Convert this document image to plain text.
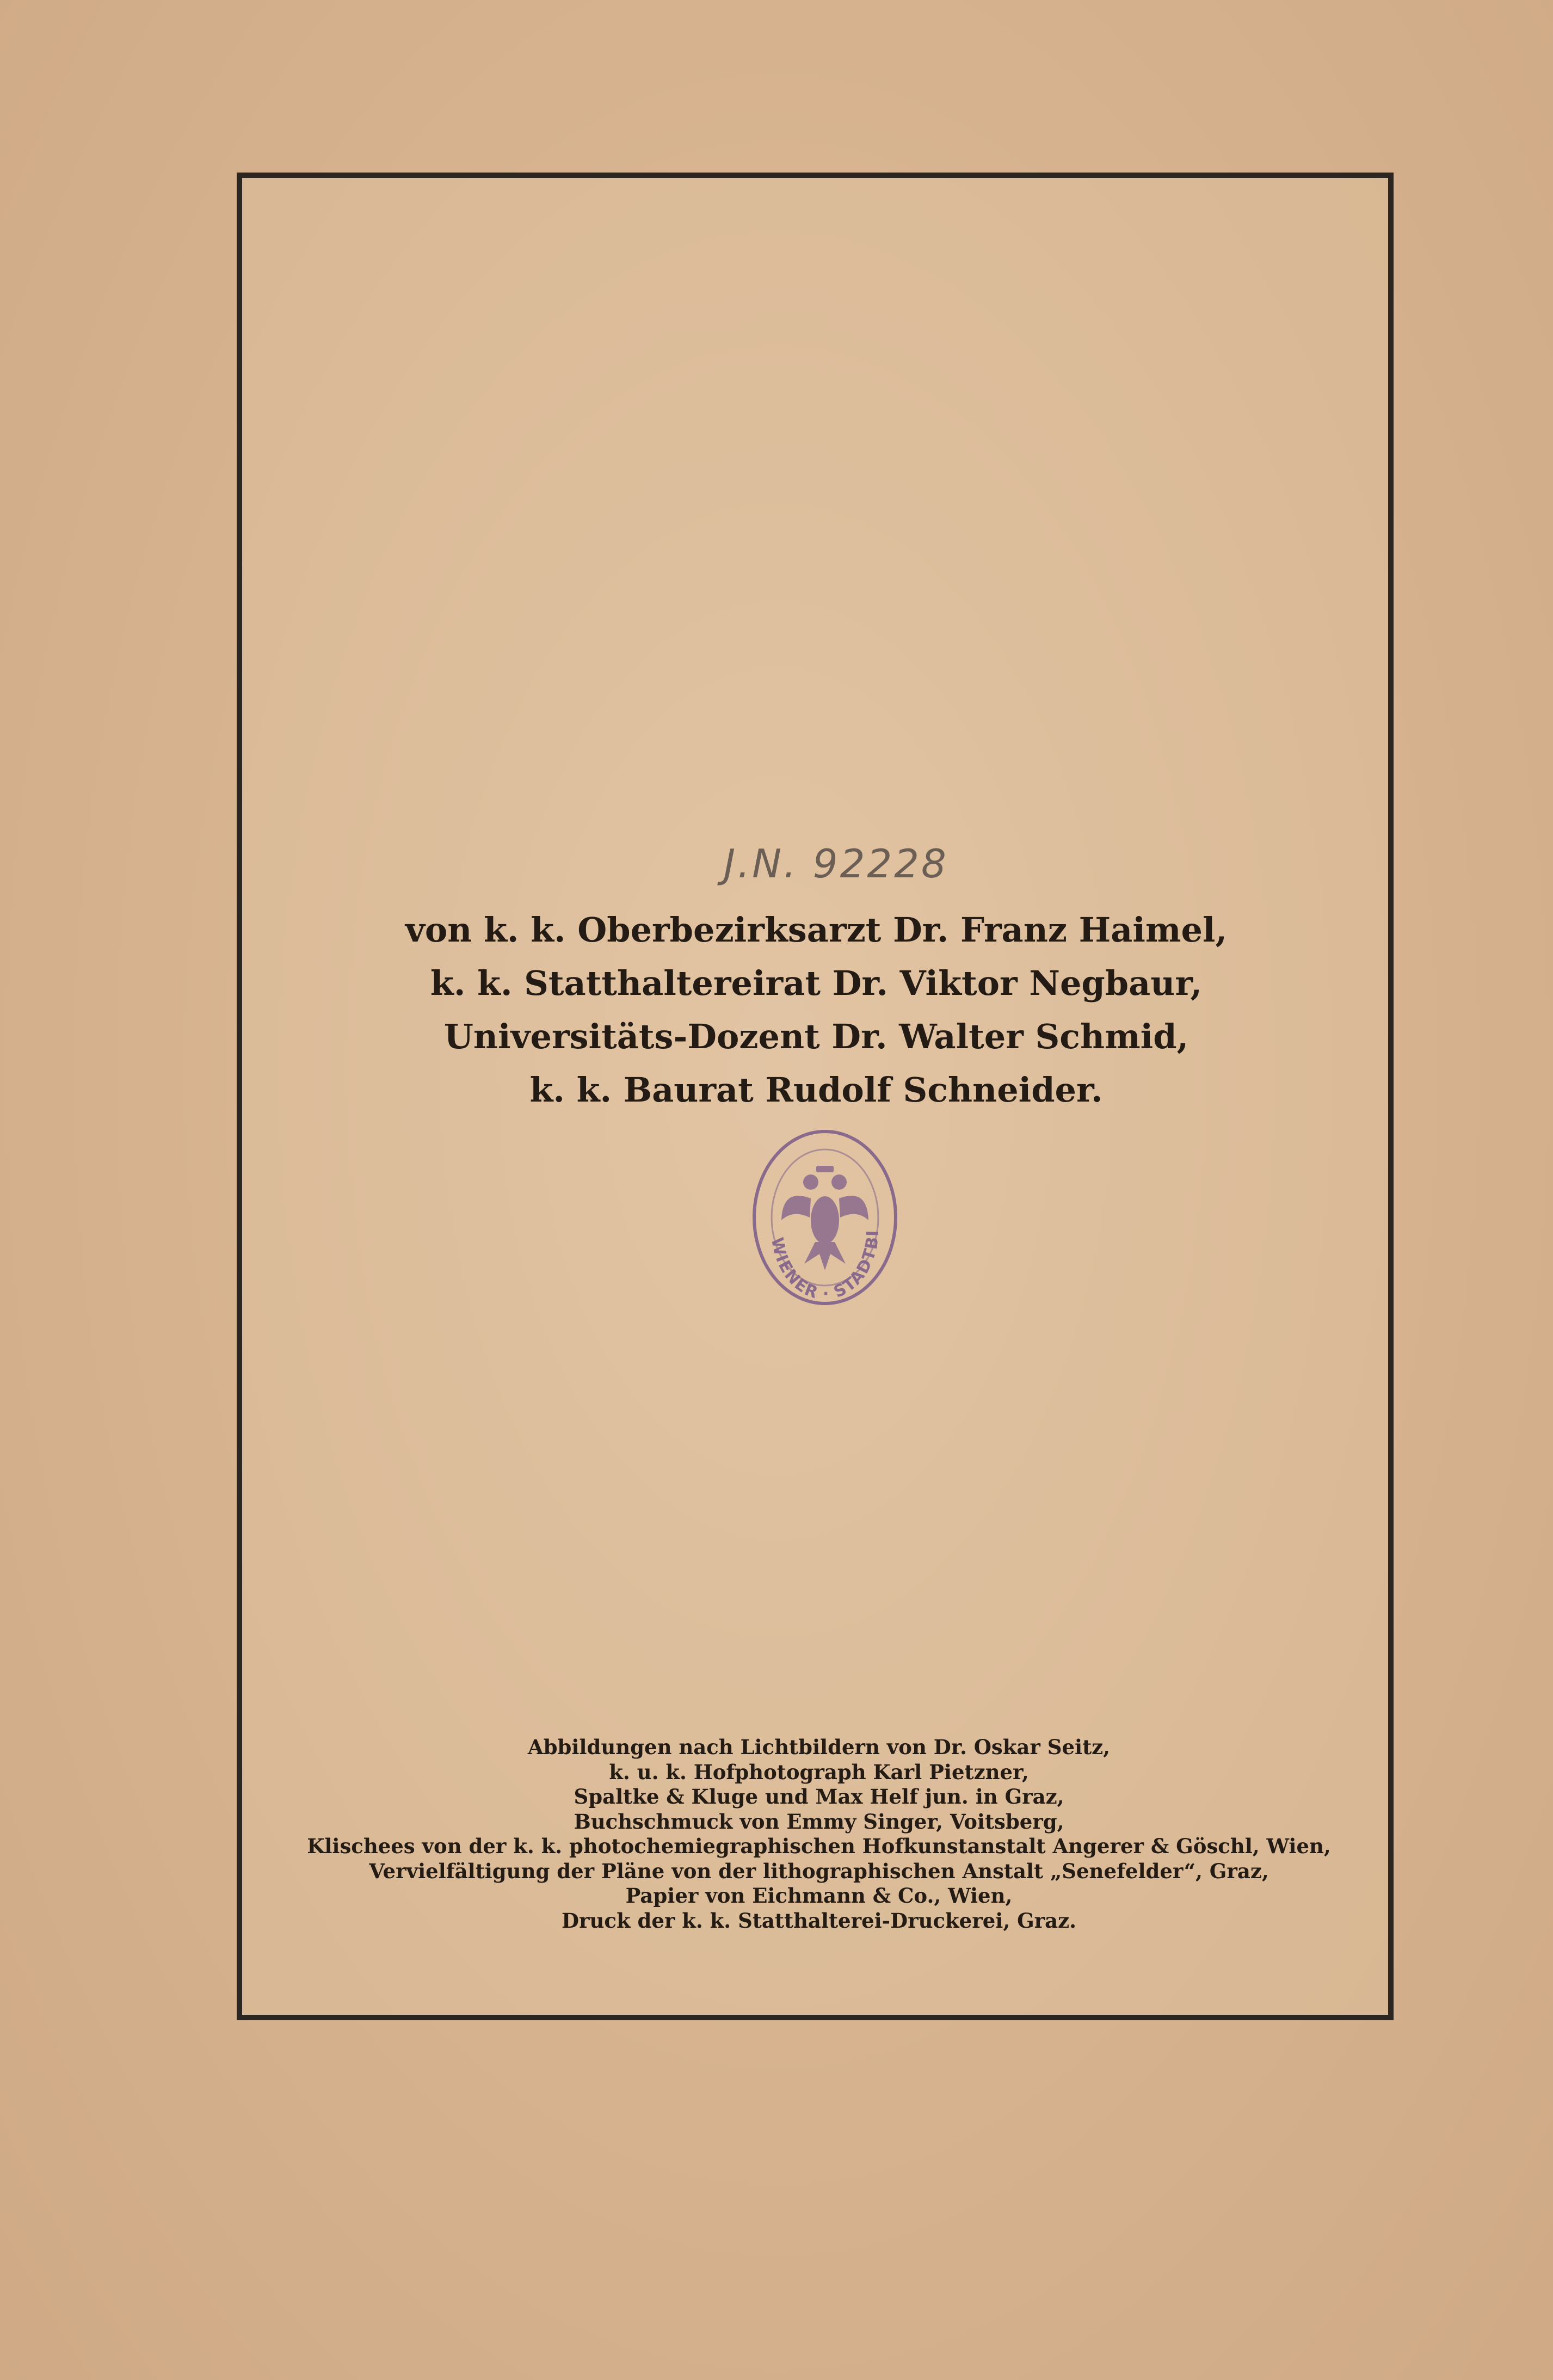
J.N. 92228
von k. k. Oberbezirksarzt Dr. Franz Haimel,
k. k. Statthaltereirat Dr. Viktor Negbaur,
Universitäts-Dozent Dr. Walter Schmid,
k. k. Baurat Rudolf Schneider.
WIENER · STADTBI
Abbildungen nach Lichtbildern von Dr. Oskar Seitz,
k. u. k. Hofphotograph Karl Pietzner,
Spaltke & Kluge und Max Helf jun. in Graz,
Buchschmuck von Emmy Singer, Voitsberg,
Klischees von der k. k. photochemiegraphischen Hofkunstanstalt Angerer & Göschl, Wien,
Vervielfältigung der Pläne von der lithographischen Anstalt „Senefelder“, Graz,
Papier von Eichmann & Co., Wien,
Druck der k. k. Statthalterei-Druckerei, Graz.
